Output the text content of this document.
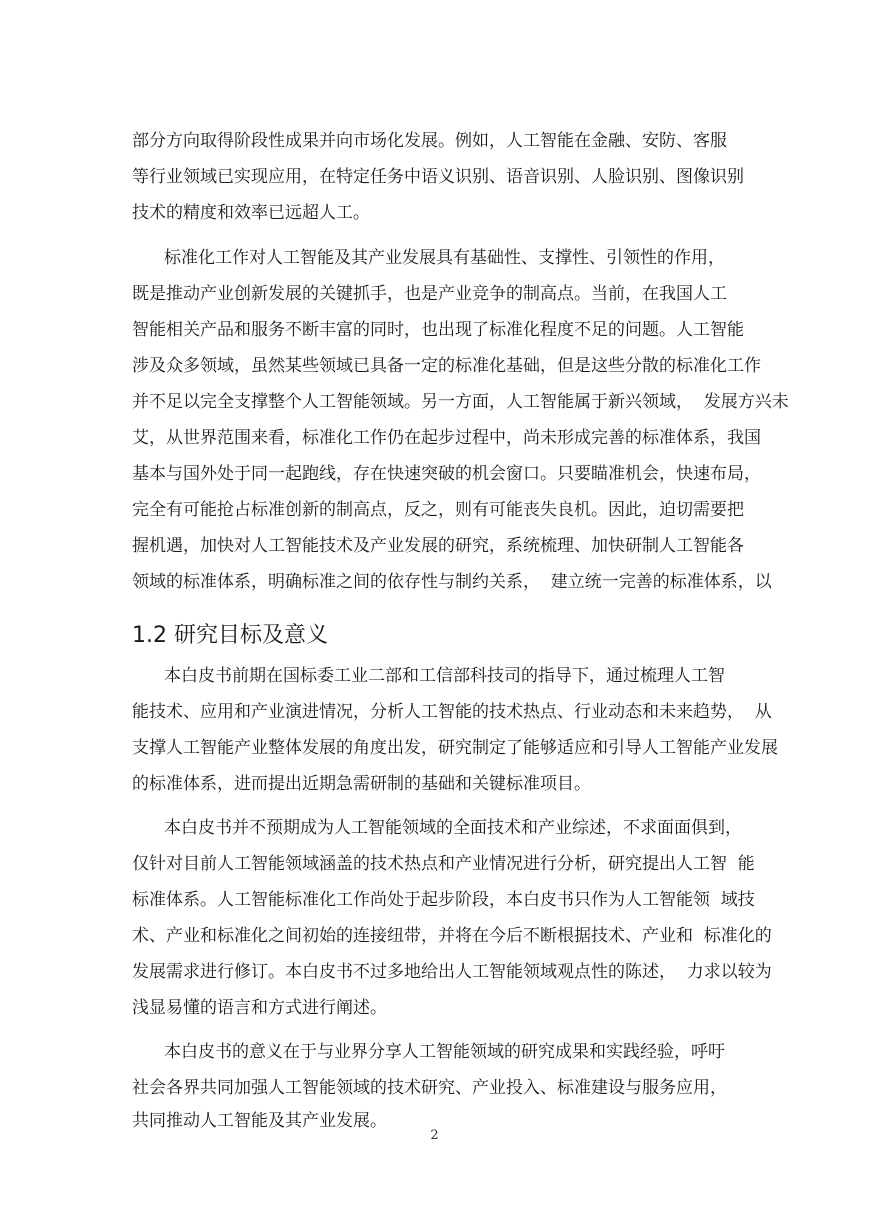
部分方向取得阶段性成果并向市场化发展。例如，人工智能在金融、安防、客服
等行业领域已实现应用，在特定任务中语义识别、语音识别、人脸识别、图像识别
技术的精度和效率已远超人工。
标准化工作对人工智能及其产业发展具有基础性、支撑性、引领性的作用，
既是推动产业创新发展的关键抓手，也是产业竞争的制高点。当前，在我国人工
智能相关产品和服务不断丰富的同时，也出现了标准化程度不足的问题。人工智能
涉及众多领域，虽然某些领域已具备一定的标准化基础，但是这些分散的标准化工作
并不足以完全支撑整个人工智能领域。另一方面，人工智能属于新兴领域，  发展方兴未
艾，从世界范围来看，标准化工作仍在起步过程中，尚未形成完善的标准体系，我国
基本与国外处于同一起跑线，存在快速突破的机会窗口。只要瞄准机会，快速布局，
完全有可能抢占标准创新的制高点，反之，则有可能丧失良机。因此，迫切需要把
握机遇，加快对人工智能技术及产业发展的研究，系统梳理、加快研制人工智能各
领域的标准体系，明确标准之间的依存性与制约关系，  建立统一完善的标准体系，以
1.2 研究目标及意义
本白皮书前期在国标委工业二部和工信部科技司的指导下，通过梳理人工智
能技术、应用和产业演进情况，分析人工智能的技术热点、行业动态和未来趋势，  从
支撑人工智能产业整体发展的角度出发，研究制定了能够适应和引导人工智能产业发展
的标准体系，进而提出近期急需研制的基础和关键标准项目。
本白皮书并不预期成为人工智能领域的全面技术和产业综述，不求面面俱到，
仅针对目前人工智能领域涵盖的技术热点和产业情况进行分析，研究提出人工智  能
标准体系。人工智能标准化工作尚处于起步阶段，本白皮书只作为人工智能领  域技
术、产业和标准化之间初始的连接纽带，并将在今后不断根据技术、产业和  标准化的
发展需求进行修订。本白皮书不过多地给出人工智能领域观点性的陈述，  力求以较为
浅显易懂的语言和方式进行阐述。
本白皮书的意义在于与业界分享人工智能领域的研究成果和实践经验，呼吁
社会各界共同加强人工智能领域的技术研究、产业投入、标准建设与服务应用，
共同推动人工智能及其产业发展。
2
